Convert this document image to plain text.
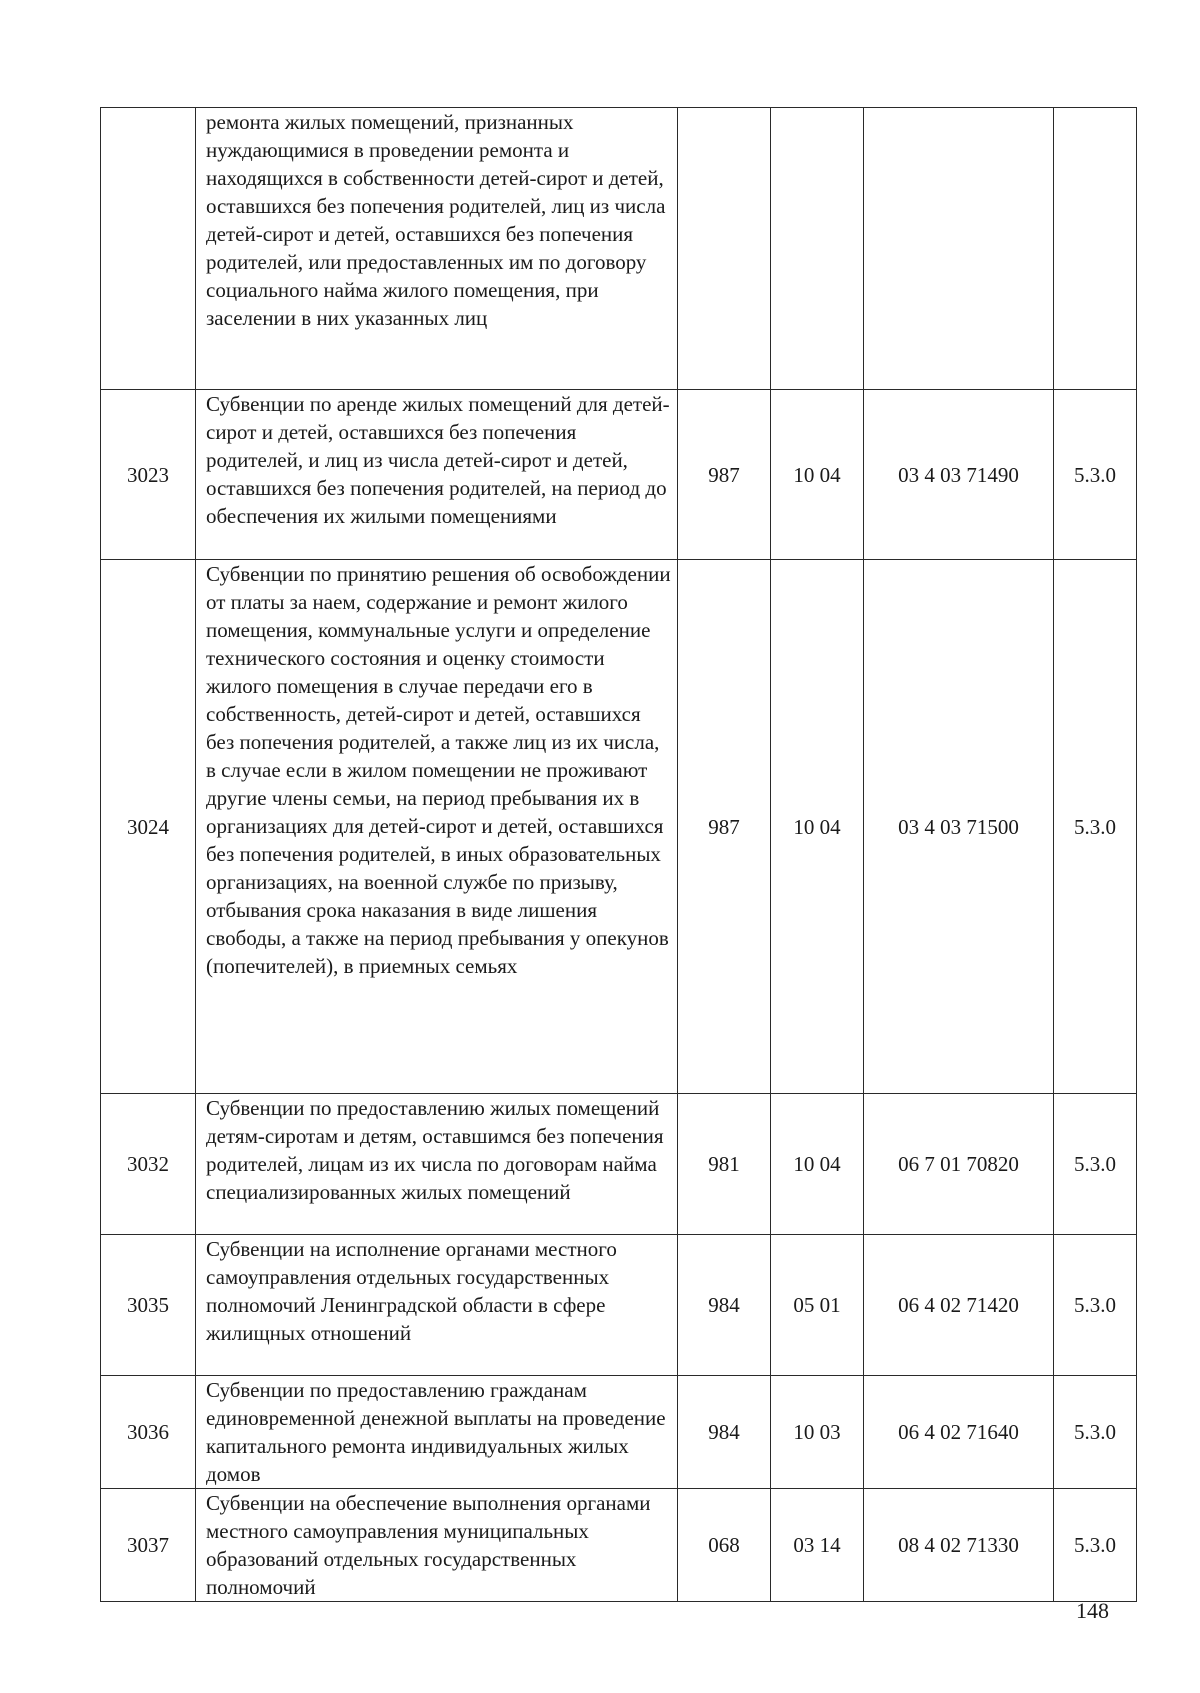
	ремонта жилых помещений, признанных нуждающимися в проведении ремонта и находящихся в собственности детей-сирот и детей, оставшихся без попечения родителей, лиц из числа детей-сирот и детей, оставшихся без попечения родителей, или предоставленных им по договору социального найма жилого помещения, при заселении в них указанных лиц				
3023	Субвенции по аренде жилых помещений для детей-сирот и детей, оставшихся без попечения родителей, и лиц из числа детей-сирот и детей, оставшихся без попечения родителей, на период до обеспечения их жилыми помещениями	987	10 04	03 4 03 71490	5.3.0
3024	Субвенции по принятию решения об освобождении от платы за наем, содержание и ремонт жилого помещения, коммунальные услуги и определение технического состояния и оценку стоимости жилого помещения в случае передачи его в собственность, детей-сирот и детей, оставшихся без попечения родителей, а также лиц из их числа, в случае если в жилом помещении не проживают другие члены семьи, на период пребывания их в организациях для детей-сирот и детей, оставшихся без попечения родителей, в иных образовательных организациях, на военной службе по призыву, отбывания срока наказания в виде лишения свободы, а также на период пребывания у опекунов (попечителей), в приемных семьях	987	10 04	03 4 03 71500	5.3.0
3032	Субвенции по предоставлению жилых помещений детям-сиротам и детям, оставшимся без попечения родителей, лицам из их числа по договорам найма специализированных жилых помещений	981	10 04	06 7 01 70820	5.3.0
3035	Субвенции на исполнение органами местного самоуправления отдельных государственных полномочий Ленинградской области в сфере жилищных отношений	984	05 01	06 4 02 71420	5.3.0
3036	Субвенции по предоставлению гражданам единовременной денежной выплаты на проведение капитального ремонта индивидуальных жилых домов	984	10 03	06 4 02 71640	5.3.0
3037	Субвенции на обеспечение выполнения органами местного самоуправления муниципальных образований отдельных государственных полномочий	068	03 14	08 4 02 71330	5.3.0
148
